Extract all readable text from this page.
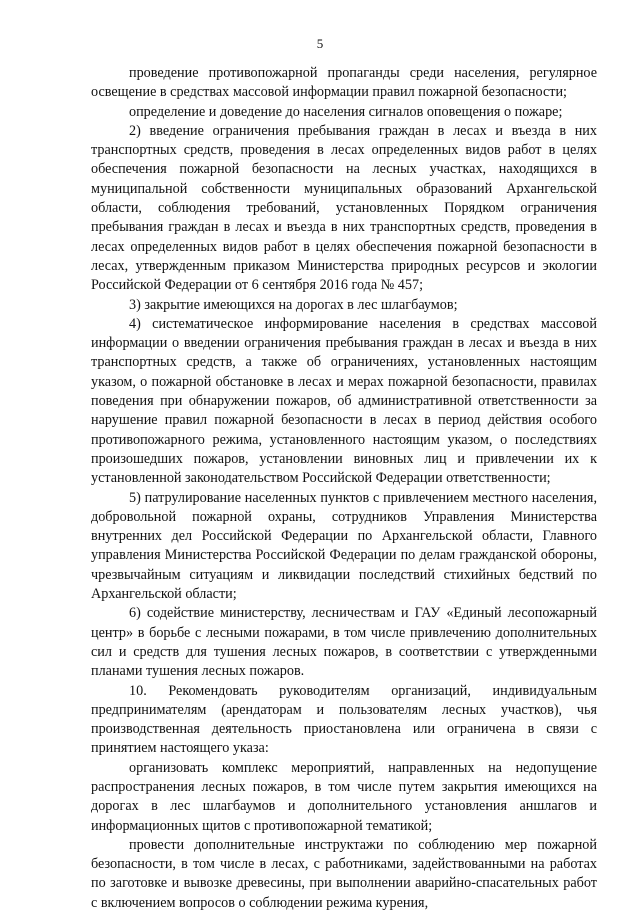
5

проведение противопожарной пропаганды среди населения, регулярное освещение в средствах массовой информации правил пожарной безопасности;

определение и доведение до населения сигналов оповещения о пожаре;

2) введение ограничения пребывания граждан в лесах и въезда в них транспортных средств, проведения в лесах определенных видов работ в целях обеспечения пожарной безопасности на лесных участках, находящихся в муниципальной собственности муниципальных образований Архангельской области, соблюдения требований, установленных Порядком ограничения пребывания граждан в лесах и въезда в них транспортных средств, проведения в лесах определенных видов работ в целях обеспечения пожарной безопасности в лесах, утвержденным приказом Министерства природных ресурсов и экологии Российской Федерации от 6 сентября 2016 года № 457;

3) закрытие имеющихся на дорогах в лес шлагбаумов;

4) систематическое информирование населения в средствах массовой информации о введении ограничения пребывания граждан в лесах и въезда в них транспортных средств, а также об ограничениях, установленных настоящим указом, о пожарной обстановке в лесах и мерах пожарной безопасности, правилах поведения при обнаружении пожаров, об административной ответственности за нарушение правил пожарной безопасности в лесах в период действия особого противопожарного режима, установленного настоящим указом, о последствиях произошедших пожаров, установлении виновных лиц и привлечении их к установленной законодательством Российской Федерации ответственности;

5) патрулирование населенных пунктов с привлечением местного населения, добровольной пожарной охраны, сотрудников Управления Министерства внутренних дел Российской Федерации по Архангельской области, Главного управления Министерства Российской Федерации по делам гражданской обороны, чрезвычайным ситуациям и ликвидации последствий стихийных бедствий по Архангельской области;

6) содействие министерству, лесничествам и ГАУ «Единый лесопожарный центр» в борьбе с лесными пожарами, в том числе привлечению дополнительных сил и средств для тушения лесных пожаров, в соответствии с утвержденными планами тушения лесных пожаров.

10. Рекомендовать руководителям организаций, индивидуальным предпринимателям (арендаторам и пользователям лесных участков), чья производственная деятельность приостановлена или ограничена в связи с принятием настоящего указа:

организовать комплекс мероприятий, направленных на недопущение распространения лесных пожаров, в том числе путем закрытия имеющихся на дорогах в лес шлагбаумов и дополнительного установления аншлагов и информационных щитов с противопожарной тематикой;

провести дополнительные инструктажи по соблюдению мер пожарной безопасности, в том числе в лесах, с работниками, задействованными на работах по заготовке и вывозке древесины, при выполнении аварийно-спасательных работ с включением вопросов о соблюдении режима курения,
